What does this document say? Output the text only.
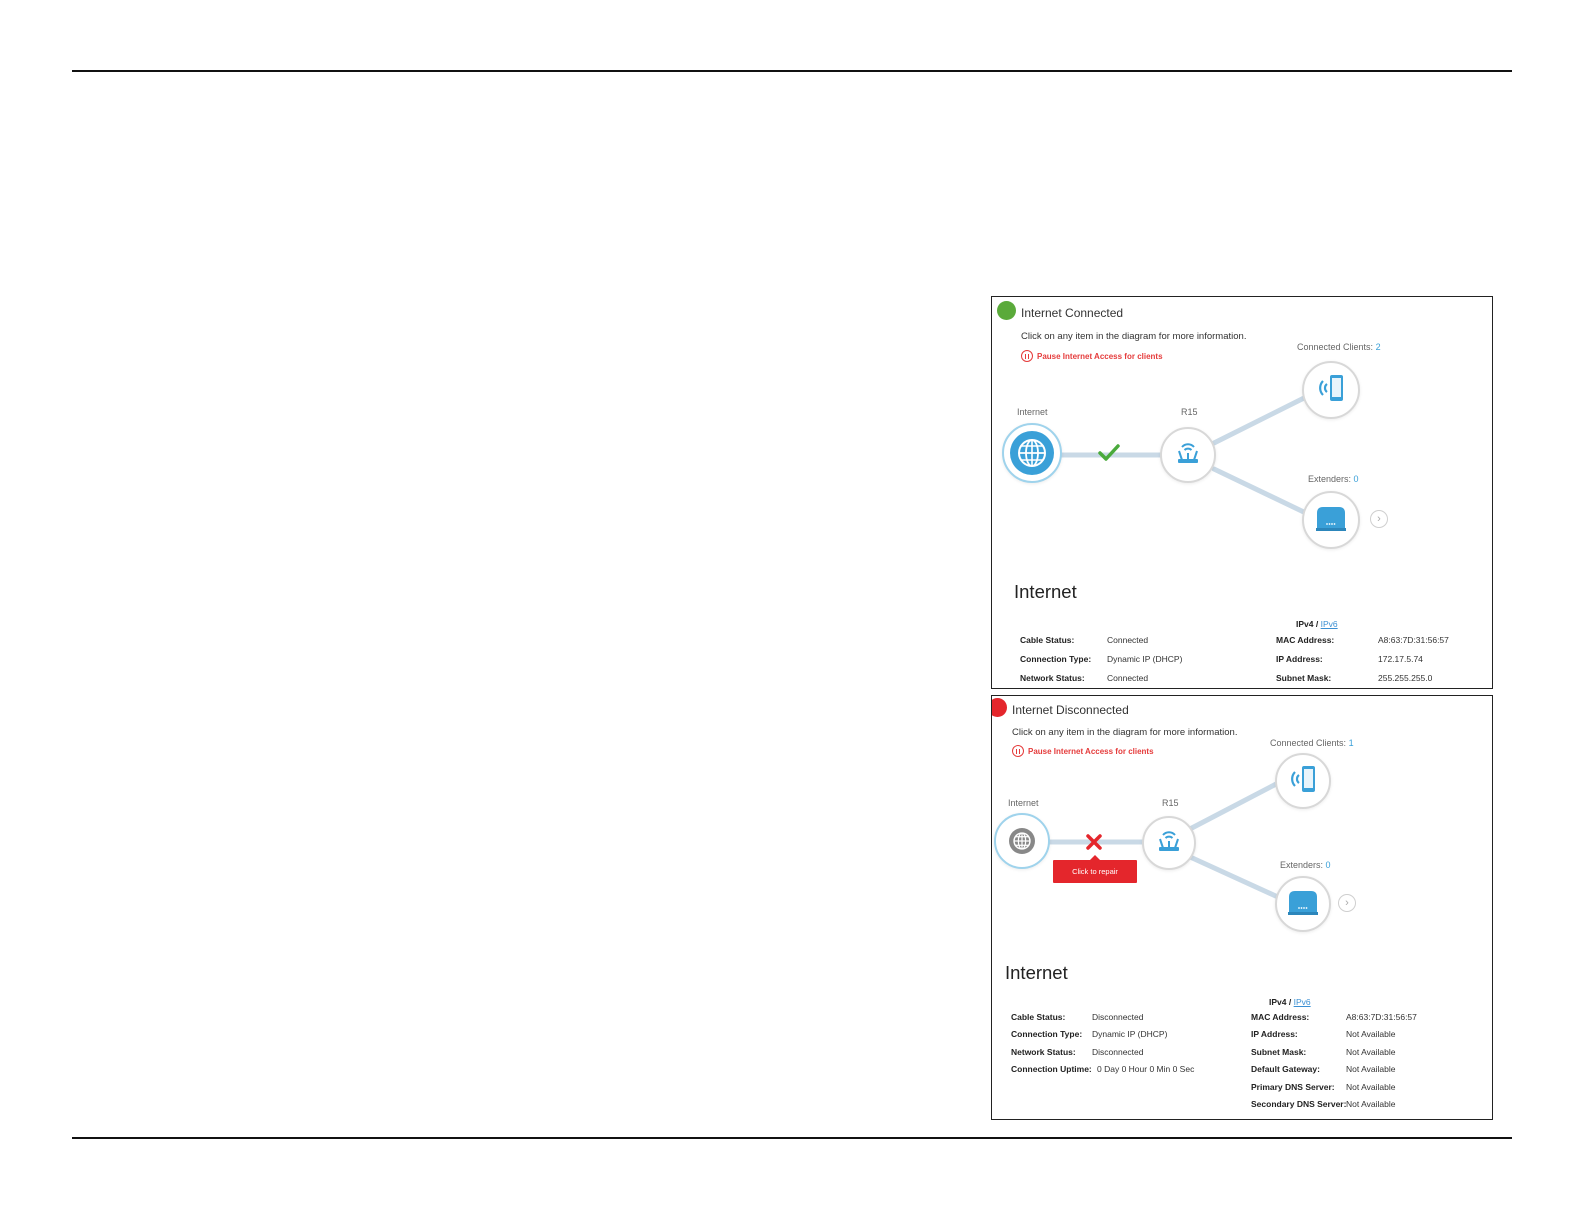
Internet Connected
Click on any item in the diagram for more information.
Pause Internet Access for clients
Connected Clients: 2
Internet	R15
Extenders: 0
›
Internet
IPv4 / IPv6
Cable Status:	Connected
Connection Type: Dynamic IP (DHCP)
Network Status:	Connected
MAC Address:	A8:63:7D:31:56:57
IP Address:	172.17.5.74
Subnet Mask:	255.255.255.0
Internet Disconnected
Click on any item in the diagram for more information.
Pause Internet Access for clients
Connected Clients: 1
Internet	R15
Extenders: 0
Click to repair
›
Internet
IPv4 / IPv6
Cable Status:	Disconnected
Connection Type: Dynamic IP (DHCP)
Network Status: Disconnected
Connection Uptime: 0 Day 0 Hour 0 Min 0 Sec
MAC Address:	A8:63:7D:31:56:57
IP Address:	Not Available
Subnet Mask:	Not Available
Default Gateway:	Not Available
Primary DNS Server: Not Available
Secondary DNS Server: Not Available
